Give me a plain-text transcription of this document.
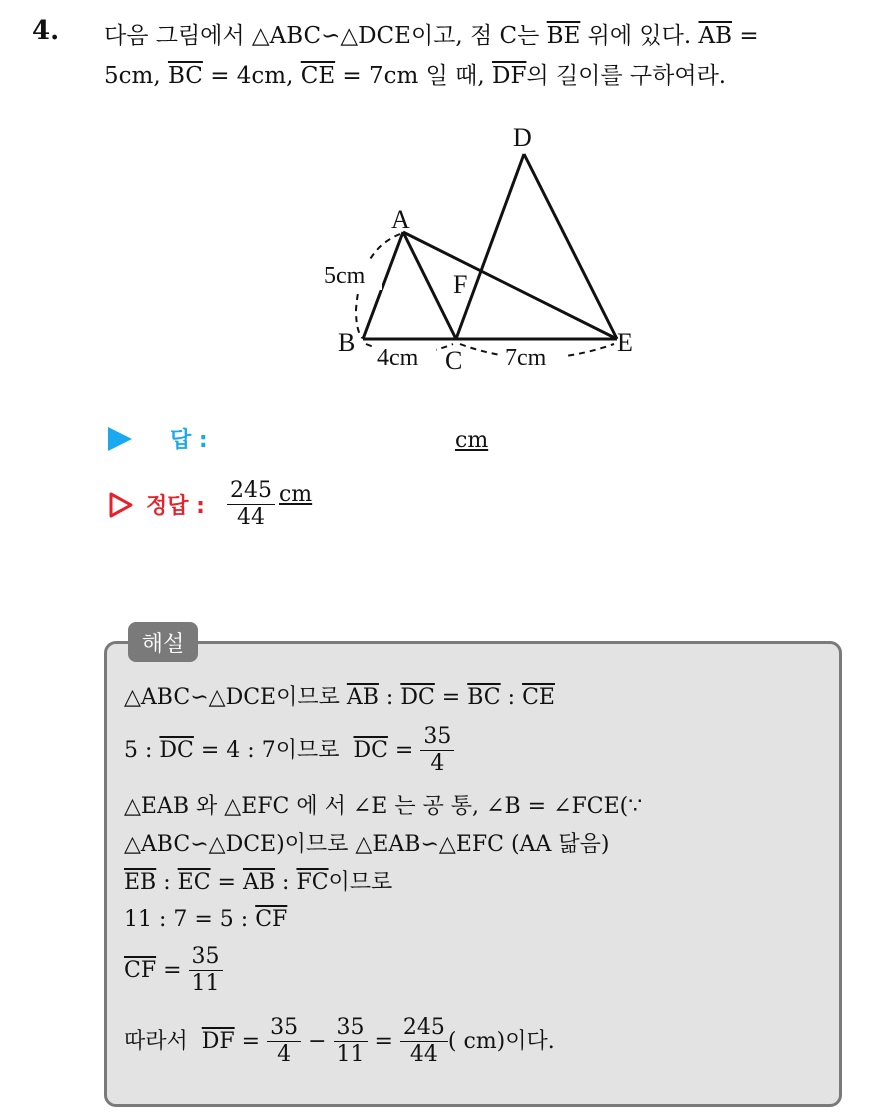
4. 다음 그림에서 △ABC∽△DCE이고, 점 C는 $\overline{BE}$ 위에 있다. $\overline{AB}$ =
5cm, $\overline{BC} = 4cm$, $\overline{CE} = 7cm$ 일 때, $\overline{DF}$의 길이를 구하여라.
D
A
F
B
C
E
5cm
4cm	7cm
답 :	cm
정답 : $\frac{245}{44}$ cm
해설
△ABC∽△DCE이므로 $\overline{AB}$ : $\overline{DC} = \overline{BC}$ : $\overline{CE}$
5 : $\overline{DC} = 4$ : 7이므로 $\overline{DC} = \frac{35}{4}$
△EAB 와 △EFC 에 서 ∠E 는 공 통, ∠B = ∠FCE(∵
△ABC∽△DCE)이므로 △EAB∽△EFC (AA 닮음)
$\overline{EB}$ : $\overline{EC} = \overline{AB}$ : $\overline{FC}$이므로
11 : 7 = 5 : $\overline{CF}$
$\overline{CF} = \frac{35}{11}$
따라서 $\overline{DF} = \frac{35}{4} - \frac{35}{11} = \frac{245}{44}$ ( cm)이다.
